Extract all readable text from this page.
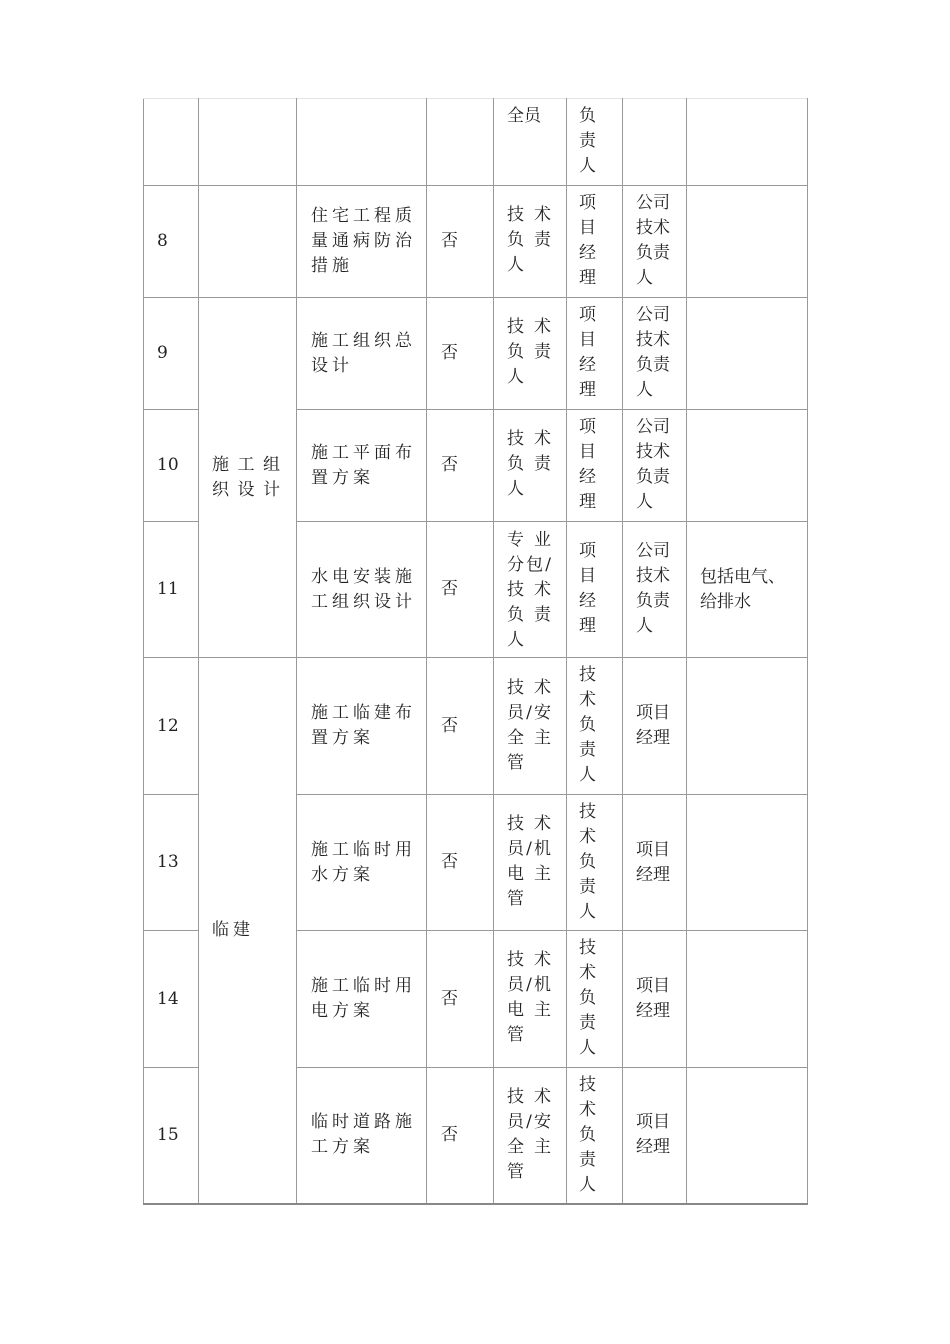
				全员	负
责
人		

8		住宅工程质量通病防治措施	否	技术负责人	项目经理	公司技术负责人	

9	施工组织设计	施工组织总设计	否	技术负责人	项目经理	公司技术负责人	

10		施工平面布置方案	否	技术负责人	项目经理	公司技术负责人	

11		水电安装施工组织设计	否	专业分包/技术负责人	项目经理	公司技术负责人	包括电气、给排水

12	临建	施工临建布置方案	否	技术员/安全主管	技术负责人	项目经理	

13		施工临时用水方案	否	技术员/机电主管	技术负责人	项目经理	

14		施工临时用电方案	否	技术员/机电主管	技术负责人	项目经理	

15		临时道路施工方案	否	技术员/安全主管	技术负责人	项目经理	
